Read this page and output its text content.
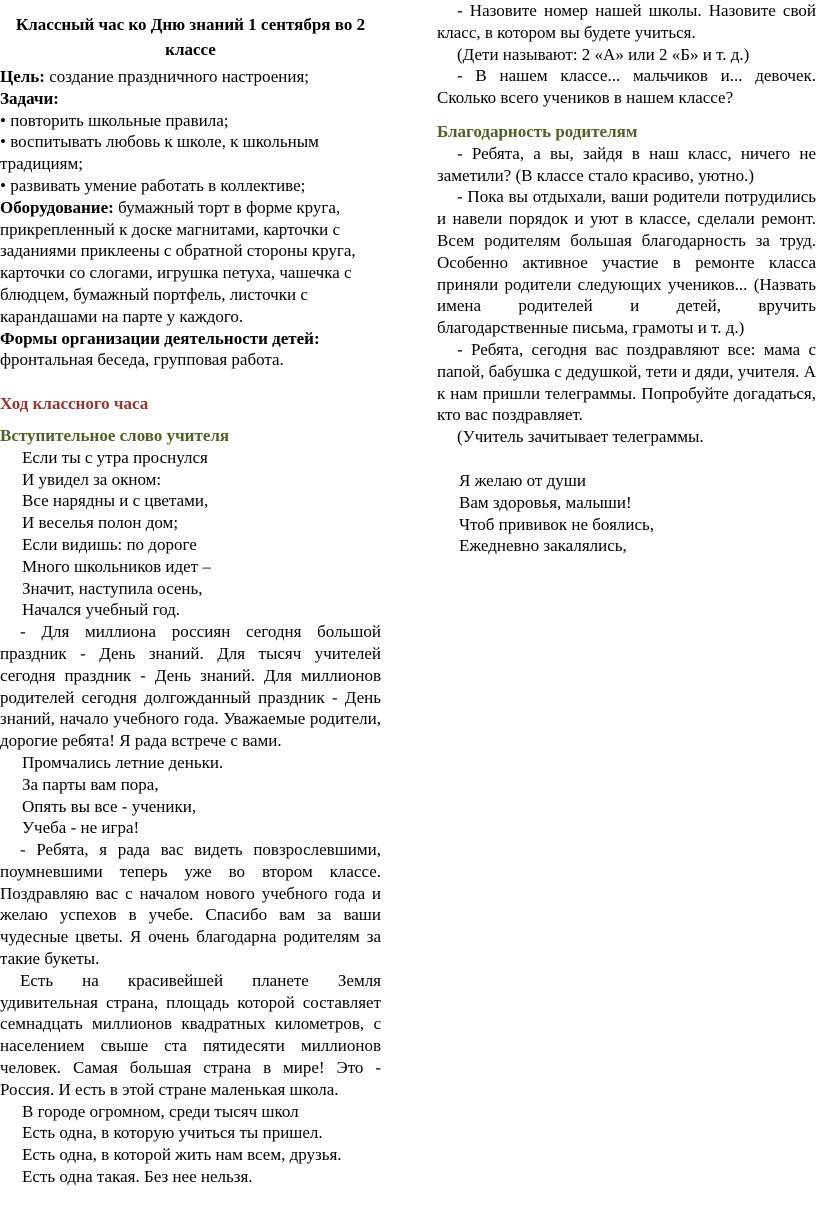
Классный час ко Дню знаний 1 сентября во 2 классе

Цель: создание праздничного настроения;

Задачи:

• повторить школьные правила;

• воспитывать любовь к школе, к школьным традициям;

• развивать умение работать в коллективе;

Оборудование: бумажный торт в форме круга, прикрепленный к доске магнитами, карточки с заданиями приклеены с обратной стороны круга, карточки со слогами, игрушка петуха, чашечка с блюдцем, бумажный портфель, листочки с карандашами на парте у каждого.

Формы организации деятельности детей: фронтальная беседа, групповая работа.

Ход классного часа

Вступительное слово учителя

Если ты с утра проснулся

И увидел за окном:

Все нарядны и с цветами,

И веселья полон дом;

Если видишь: по дороге

Много школьников идет –

Значит, наступила осень,

Начался учебный год.

- Для миллиона россиян сегодня большой праздник - День знаний. Для тысяч учителей сегодня праздник - День знаний. Для миллионов родителей сегодня долгожданный праздник - День знаний, начало учебного года. Уважаемые родители, дорогие ребята! Я рада встрече с вами.

Промчались летние деньки.

За парты вам пора,

Опять вы все - ученики,

Учеба - не игра!

- Ребята, я рада вас видеть повзрослевшими, поумневшими теперь уже во втором классе. Поздравляю вас с началом нового учебного года и желаю успехов в учебе. Спасибо вам за ваши чудесные цветы. Я очень благодарна родителям за такие букеты.

Есть на красивейшей планете Земля удивительная страна, площадь которой составляет семнадцать миллионов квадратных километров, с населением свыше ста пятидесяти миллионов человек. Самая большая страна в мире! Это - Россия. И есть в этой стране маленькая школа.

В городе огромном, среди тысяч школ

Есть одна, в которую учиться ты пришел.

Есть одна, в которой жить нам всем, друзья.

Есть одна такая. Без нее нельзя.

- Назовите номер нашей школы. Назовите свой класс, в котором вы будете учиться.

(Дети называют: 2 «А» или 2 «Б» и т. д.)

- В нашем классе... мальчиков и... девочек. Сколько всего учеников в нашем классе?

Благодарность родителям

- Ребята, а вы, зайдя в наш класс, ничего не заметили? (В классе стало красиво, уютно.)

- Пока вы отдыхали, ваши родители потрудились и навели порядок и уют в классе, сделали ремонт. Всем родителям большая благодарность за труд. Особенно активное участие в ремонте класса приняли родители следующих учеников... (Назвать имена родителей и детей, вручить благодарственные письма, грамоты и т. д.)

- Ребята, сегодня вас поздравляют все: мама с папой, бабушка с дедушкой, тети и дяди, учителя. А к нам пришли телеграммы. Попробуйте догадаться, кто вас поздравляет.

(Учитель зачитывает телеграммы.

Я желаю от души

Вам здоровья, малыши!

Чтоб прививок не боялись,

Ежедневно закалялись,
